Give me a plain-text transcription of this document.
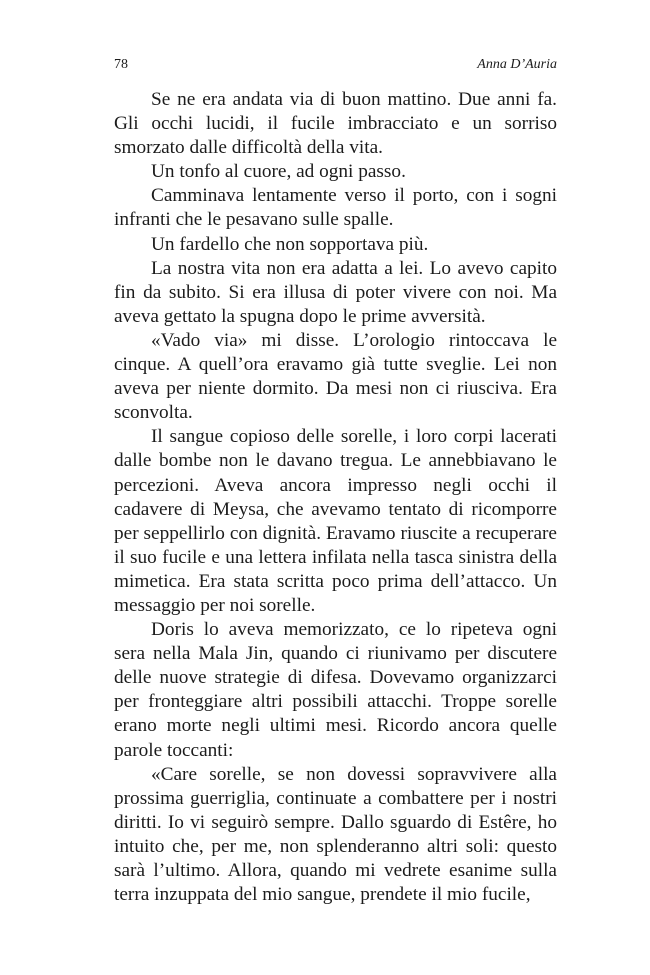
78	Anna D’Auria

Se ne era andata via di buon mattino. Due anni fa. Gli occhi lucidi, il fucile imbracciato e un sorriso smorzato dalle difficoltà della vita.

Un tonfo al cuore, ad ogni passo.

Camminava lentamente verso il porto, con i sogni infranti che le pesavano sulle spalle.

Un fardello che non sopportava più.

La nostra vita non era adatta a lei. Lo avevo capito fin da subito. Si era illusa di poter vivere con noi. Ma aveva gettato la spugna dopo le prime avversità.

«Vado via» mi disse. L’orologio rintoccava le cinque. A quell’ora eravamo già tutte sveglie. Lei non aveva per niente dormito. Da mesi non ci riusciva. Era sconvolta.

Il sangue copioso delle sorelle, i loro corpi lacerati dalle bombe non le davano tregua. Le annebbiavano le percezioni. Aveva ancora impresso negli occhi il cadavere di Meysa, che avevamo tentato di ricomporre per seppellirlo con dignità. Eravamo riuscite a recuperare il suo fucile e una lettera infilata nella tasca sinistra della mimetica. Era stata scritta poco prima dell’attacco. Un messaggio per noi sorelle.

Doris lo aveva memorizzato, ce lo ripeteva ogni sera nella Mala Jin, quando ci riunivamo per discutere delle nuove strategie di difesa. Dovevamo organizzarci per fronteggiare altri possibili attacchi. Troppe sorelle erano morte negli ultimi mesi. Ricordo ancora quelle parole toccanti:

«Care sorelle, se non dovessi sopravvivere alla prossima guerriglia, continuate a combattere per i nostri diritti. Io vi seguirò sempre. Dallo sguardo di Estêre, ho intuito che, per me, non splenderanno altri soli: questo sarà l’ultimo. Allora, quando mi vedrete esanime sulla terra inzuppata del mio sangue, prendete il mio fucile,
